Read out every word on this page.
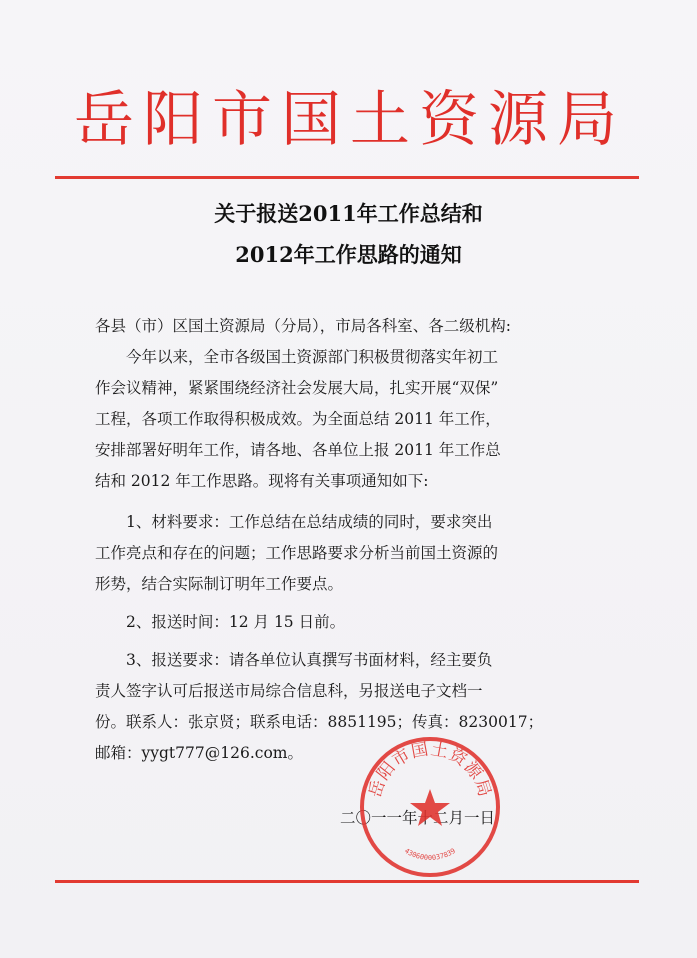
岳阳市国土资源局
关于报送2011年工作总结和
2012年工作思路的通知
各县（市）区国土资源局（分局），市局各科室、各二级机构:
　　今年以来，全市各级国土资源部门积极贯彻落实年初工
作会议精神，紧紧围绕经济社会发展大局，扎实开展“双保”
工程，各项工作取得积极成效。为全面总结 2011 年工作，
安排部署好明年工作，请各地、各单位上报 2011 年工作总
结和 2012 年工作思路。现将有关事项通知如下:
　　1、材料要求：工作总结在总结成绩的同时，要求突出
工作亮点和存在的问题；工作思路要求分析当前国土资源的
形势，结合实际制订明年工作要点。
　　2、报送时间：12 月 15 日前。
　　3、报送要求：请各单位认真撰写书面材料，经主要负
责人签字认可后报送市局综合信息科，另报送电子文档一
份。联系人：张京贤；联系电话：8851195；传真：8230017；
邮箱：yygt777@126.com。
二〇一一年十二月一日
岳阳市国土资源局
4306000037839
